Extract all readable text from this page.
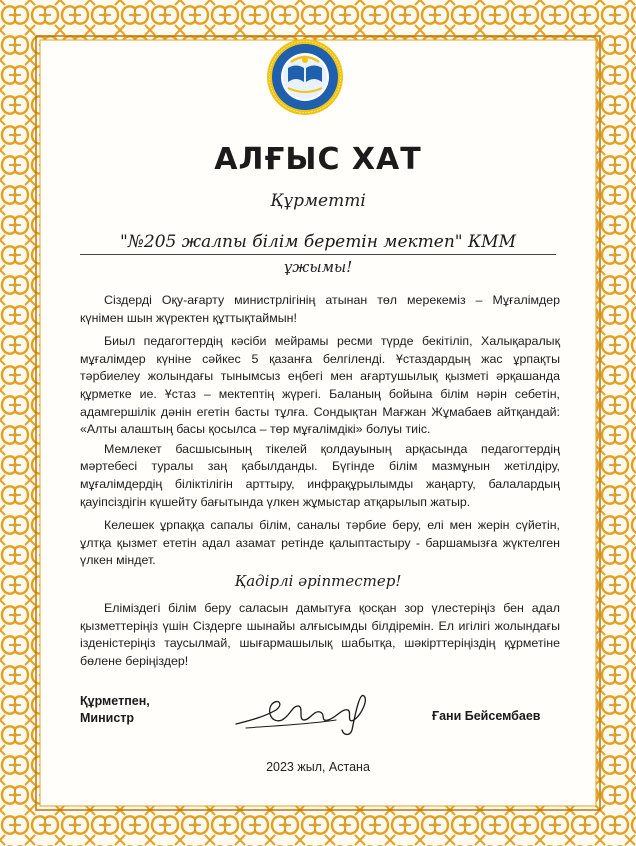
АЛҒЫС ХАТ
Құрметті
"№205 жалпы білім беретін мектеп" КММ
ұжымы!

Сіздерді Оқу-ағарту министрлігінің атынан төл мерекеміз – Мұғалімдер күнімен шын жүректен құттықтаймын!

Биыл педагогтердің кәсіби мейрамы ресми түрде бекітіліп, Халықаралық мұғалімдер күніне сәйкес 5 қазанға белгіленді. Ұстаздардың жас ұрпақты тәрбиелеу жолындағы тынымсыз еңбегі мен ағартушылық қызметі әрқашанда құрметке ие. Ұстаз – мектептің жүрегі. Баланың бойына білім нәрін себетін, адамгершілік дәнін егетін басты тұлға. Сондықтан Мағжан Жұмабаев айтқандай: «Алты алаштың басы қосылса – төр мұғалімдікі» болуы тиіс.

Мемлекет басшысының тікелей қолдауының арқасында педагогтердің мәртебесі туралы заң қабылданды. Бүгінде білім мазмұнын жетілдіру, мұғалімдердің біліктілігін арттыру, инфрақұрылымды жаңарту, балалардың қауіпсіздігін күшейту бағытында үлкен жұмыстар атқарылып жатыр.

Келешек ұрпаққа сапалы білім, саналы тәрбие беру, елі мен жерін сүйетін, ұлтқа қызмет ететін адал азамат ретінде қалыптастыру - баршамызға жүктелген үлкен міндет.

Қадірлі әріптестер!

Еліміздегі білім беру саласын дамытуға қосқан зор үлестеріңіз бен адал қызметтеріңіз үшін Сіздерге шынайы алғысымды білдіремін. Ел игілігі жолындағы ізденістеріңіз таусылмай, шығармашылық шабытқа, шәкірттеріңіздің құрметіне бөлене беріңіздер!

Құрметпен,
Министр	Ғани Бейсембаев
2023 жыл, Астана
